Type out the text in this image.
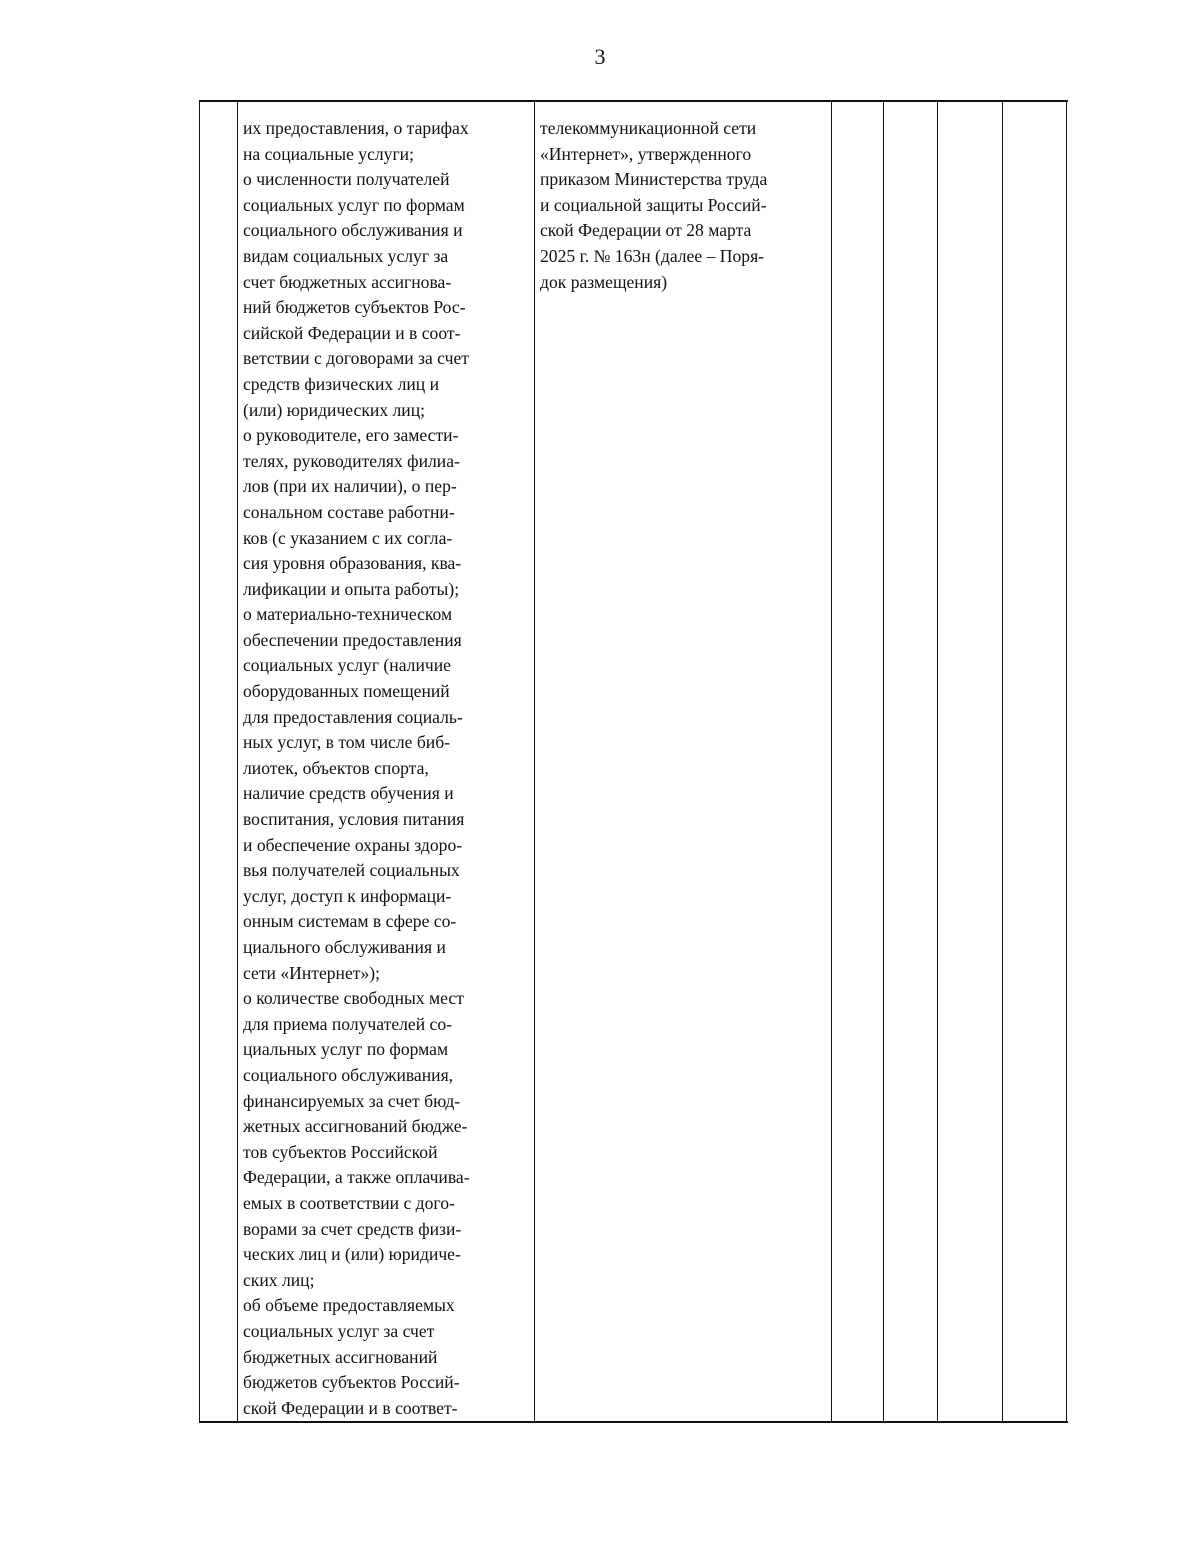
3
их предоставления, о тарифах
на социальные услуги;
о численности получателей
социальных услуг по формам
социального обслуживания и
видам социальных услуг за
счет бюджетных ассигнова-
ний бюджетов субъектов Рос-
сийской Федерации и в соот-
ветствии с договорами за счет
средств физических лиц и
(или) юридических лиц;
о руководителе, его замести-
телях, руководителях филиа-
лов (при их наличии), о пер-
сональном составе работни-
ков (с указанием с их согла-
сия уровня образования, ква-
лификации и опыта работы);
о материально-техническом
обеспечении предоставления
социальных услуг (наличие
оборудованных помещений
для предоставления социаль-
ных услуг, в том числе биб-
лиотек, объектов спорта,
наличие средств обучения и
воспитания, условия питания
и обеспечение охраны здоро-
вья получателей социальных
услуг, доступ к информаци-
онным системам в сфере со-
циального обслуживания и
сети «Интернет»);
о количестве свободных мест
для приема получателей со-
циальных услуг по формам
социального обслуживания,
финансируемых за счет бюд-
жетных ассигнований бюдже-
тов субъектов Российской
Федерации, а также оплачива-
емых в соответствии с дого-
ворами за счет средств физи-
ческих лиц и (или) юридиче-
ских лиц;
об объеме предоставляемых
социальных услуг за счет
бюджетных ассигнований
бюджетов субъектов Россий-
ской Федерации и в соответ-
телекоммуникационной сети
«Интернет», утвержденного
приказом Министерства труда
и социальной защиты Россий-
ской Федерации от 28 марта
2025 г. № 163н (далее – Поря-
док размещения)
